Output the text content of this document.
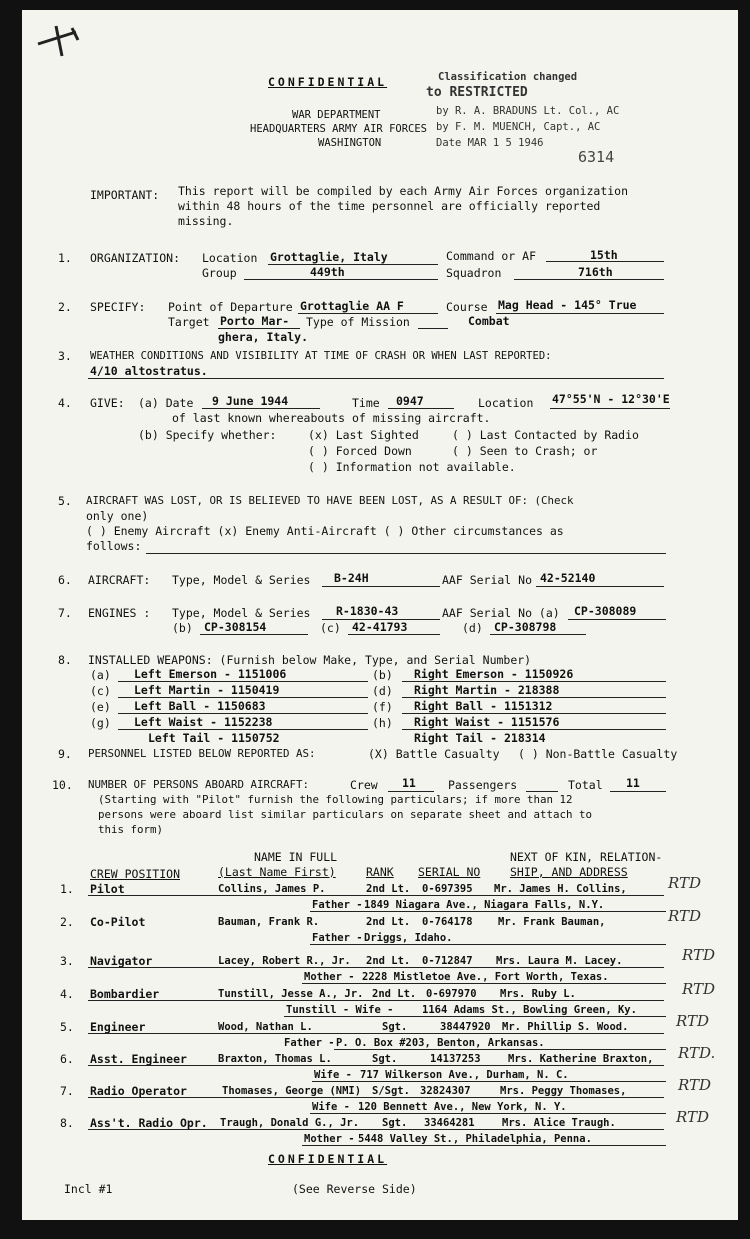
CONFIDENTIAL
WAR DEPARTMENT
HEADQUARTERS ARMY AIR FORCES
WASHINGTON
Classification changed
to RESTRICTED
by R. A. BRADUNS Lt. Col., AC
by F. M. MUENCH, Capt., AC
Date MAR 1 5 1946
6314
IMPORTANT: This report will be compiled by each Army Air Forces organization
within 48 hours of the time personnel are officially reported
missing.
1. ORGANIZATION: Location Grottaglie, Italy	Command or AF	15th
Group	449th	Squadron	716th
2. SPECIFY: Point of Departure Grottaglie AA F	Course Mag Head - 145° True
Target Porto Mar- Type of Mission	Combat
ghera, Italy.
3. WEATHER CONDITIONS AND VISIBILITY AT TIME OF CRASH OR WHEN LAST REPORTED:
4/10 altostratus.
4. GIVE: (a) Date 9 June 1944	Time 0947	Location 47°55'N - 12°30'E
of last known whereabouts of missing aircraft.
(b) Specify whether:	(x) Last Sighted	( ) Last Contacted by Radio
( ) Forced Down	( ) Seen to Crash; or
( ) Information not available.
5. AIRCRAFT WAS LOST, OR IS BELIEVED TO HAVE BEEN LOST, AS A RESULT OF: (Check
only one)
( ) Enemy Aircraft (x) Enemy Anti-Aircraft ( ) Other circumstances as
follows:
6. AIRCRAFT: Type, Model & Series B-24H	AAF Serial No 42-52140
7. ENGINES : Type, Model & Series R-1830-43	AAF Serial No (a) CP-308089
(b) CP-308154	(c) 42-41793	(d) CP-308798
8. INSTALLED WEAPONS: (Furnish below Make, Type, and Serial Number)
(a) Left Emerson - 1151006	(b) Right Emerson - 1150926
(c) Left Martin - 1150419	(d) Right Martin - 218388
(e) Left Ball - 1150683	(f) Right Ball - 1151312
(g) Left Waist - 1152238	(h) Right Waist - 1151576
Left Tail - 1150752	Right Tail - 218314
9. PERSONNEL LISTED BELOW REPORTED AS:	(X) Battle Casualty ( ) Non-Battle Casualty
10. NUMBER OF PERSONS ABOARD AIRCRAFT:	Crew 11	Passengers	Total 11
(Starting with "Pilot" furnish the following particulars; if more than 12
persons were aboard list similar particulars on separate sheet and attach to
this form)
CREW POSITION
NAME IN FULL
(Last Name First)	RANK SERIAL NO
NEXT OF KIN, RELATION-
SHIP, AND ADDRESS
1. Pilot	Collins, James P.	2nd Lt. 0-697395 Mr. James H. Collins,	RTD
Father - 1849 Niagara Ave., Niagara Falls, N.Y.
2. Co-Pilot	Bauman, Frank R.	2nd Lt. 0-764178 Mr. Frank Bauman,	RTD
Father - Driggs, Idaho.
3. Navigator	Lacey, Robert R., Jr. 2nd Lt. 0-712847 Mrs. Laura M. Lacey.	RTD
Mother - 2228 Mistletoe Ave., Fort Worth, Texas.
4. Bombardier	Tunstill, Jesse A., Jr. 2nd Lt. 0-697970 Mrs. Ruby L.	RTD
Tunstill - Wife -	1164 Adams St., Bowling Green, Ky.
5. Engineer	Wood, Nathan L.	Sgt.	38447920 Mr. Phillip S. Wood.	RTD
Father - P. O. Box #203, Benton, Arkansas.
6. Asst. Engineer	Braxton, Thomas L.	Sgt.	14137253	Mrs. Katherine Braxton, RTD.
Wife - 717 Wilkerson Ave., Durham, N. C.
7. Radio Operator	Thomases, George (NMI) S/Sgt. 32824307	Mrs. Peggy Thomases,	RTD
Wife - 120 Bennett Ave., New York, N. Y.
8. Ass't. Radio Opr. Traugh, Donald G., Jr. Sgt. 33464281	Mrs. Alice Traugh.	RTD
Mother - 5448 Valley St., Philadelphia, Penna.
CONFIDENTIAL
Incl #1	(See Reverse Side)
